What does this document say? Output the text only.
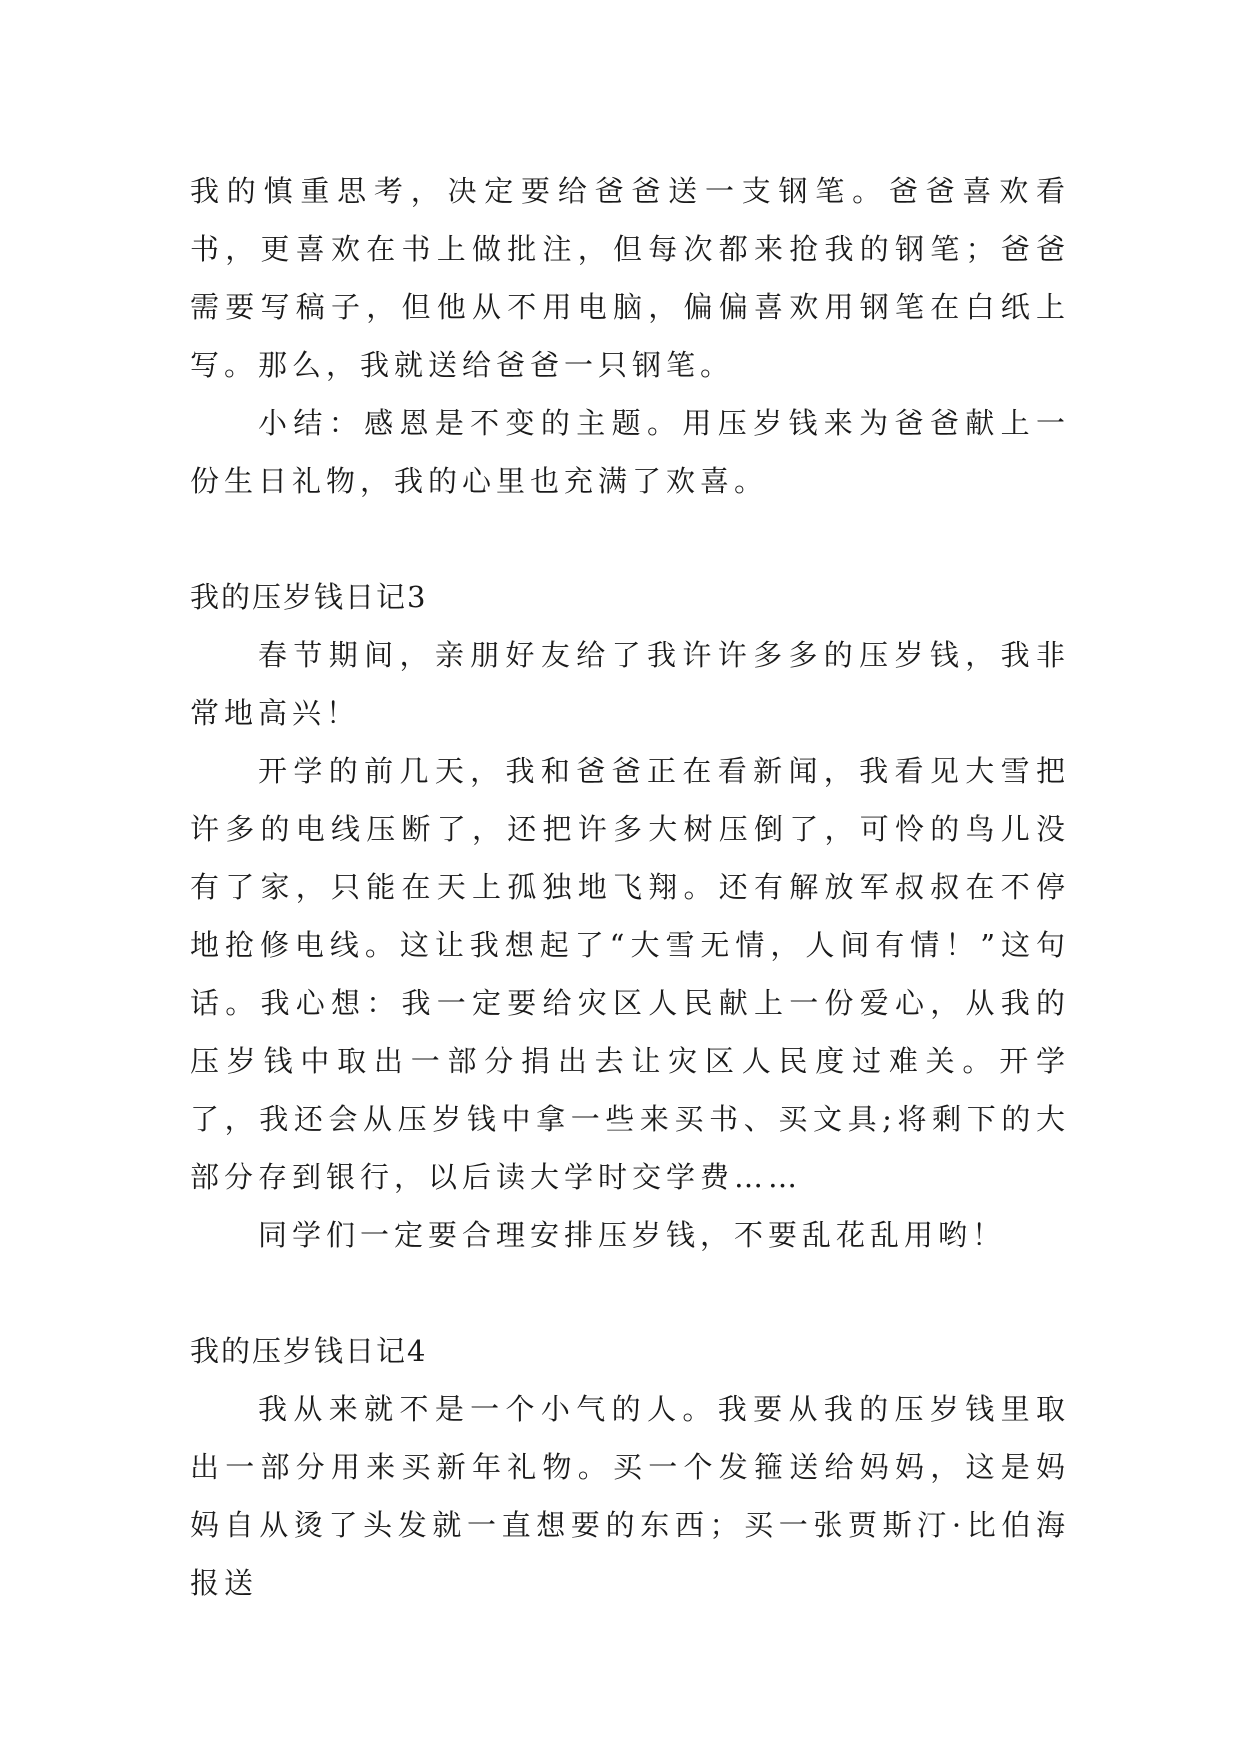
我的慎重思考，决定要给爸爸送一支钢笔。爸爸喜欢看书，更喜欢在书上做批注，但每次都来抢我的钢笔；爸爸需要写稿子，但他从不用电脑，偏偏喜欢用钢笔在白纸上写。那么，我就送给爸爸一只钢笔。

小结：感恩是不变的主题。用压岁钱来为爸爸献上一份生日礼物，我的心里也充满了欢喜。

我的压岁钱日记3

春节期间，亲朋好友给了我许许多多的压岁钱，我非常地高兴！

开学的前几天，我和爸爸正在看新闻，我看见大雪把许多的电线压断了，还把许多大树压倒了，可怜的鸟儿没有了家，只能在天上孤独地飞翔。还有解放军叔叔在不停地抢修电线。这让我想起了“大雪无情，人间有情！”这句话。我心想：我一定要给灾区人民献上一份爱心，从我的压岁钱中取出一部分捐出去让灾区人民度过难关。开学了，我还会从压岁钱中拿一些来买书、买文具;将剩下的大部分存到银行，以后读大学时交学费……

同学们一定要合理安排压岁钱，不要乱花乱用哟！

我的压岁钱日记4

我从来就不是一个小气的人。我要从我的压岁钱里取出一部分用来买新年礼物。买一个发箍送给妈妈，这是妈妈自从烫了头发就一直想要的东西；买一张贾斯汀·比伯海报送
